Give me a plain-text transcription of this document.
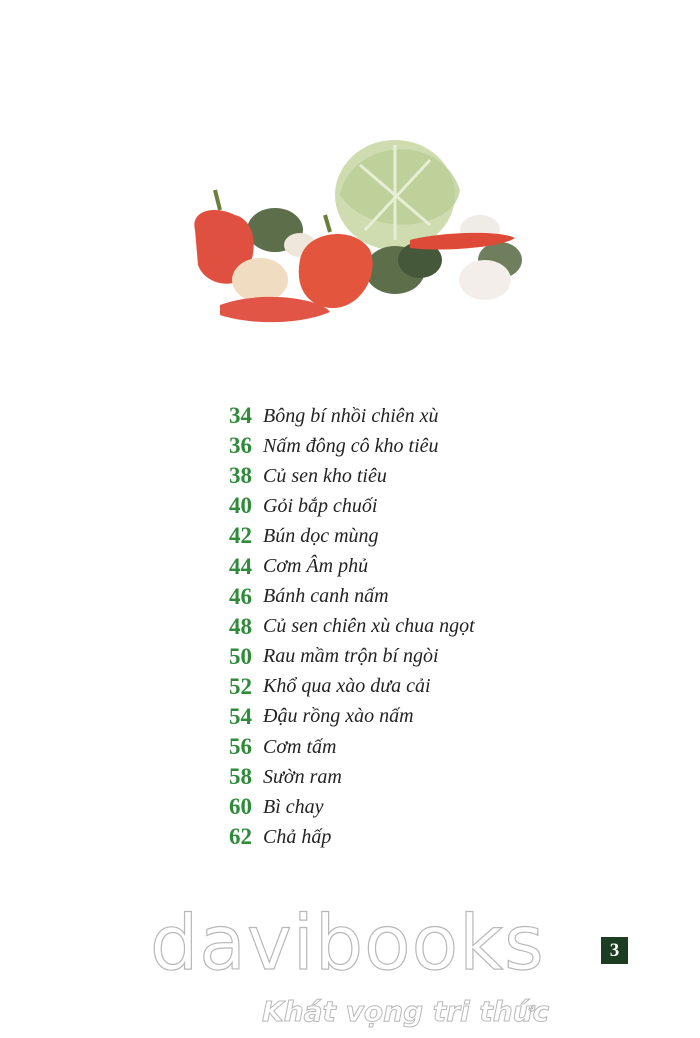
34 Bông bí nhồi chiên xù
36 Nấm đông cô kho tiêu
38 Củ sen kho tiêu
40 Gỏi bắp chuối
42 Bún dọc mùng
44 Cơm Âm phủ
46 Bánh canh nấm
48 Củ sen chiên xù chua ngọt
50 Rau mầm trộn bí ngòi
52 Khổ qua xào dưa cải
54 Đậu rồng xào nấm
56 Cơm tấm
58 Sườn ram
60 Bì chay
62 Chả hấp
davibooks
Khát vọng tri thức
3
